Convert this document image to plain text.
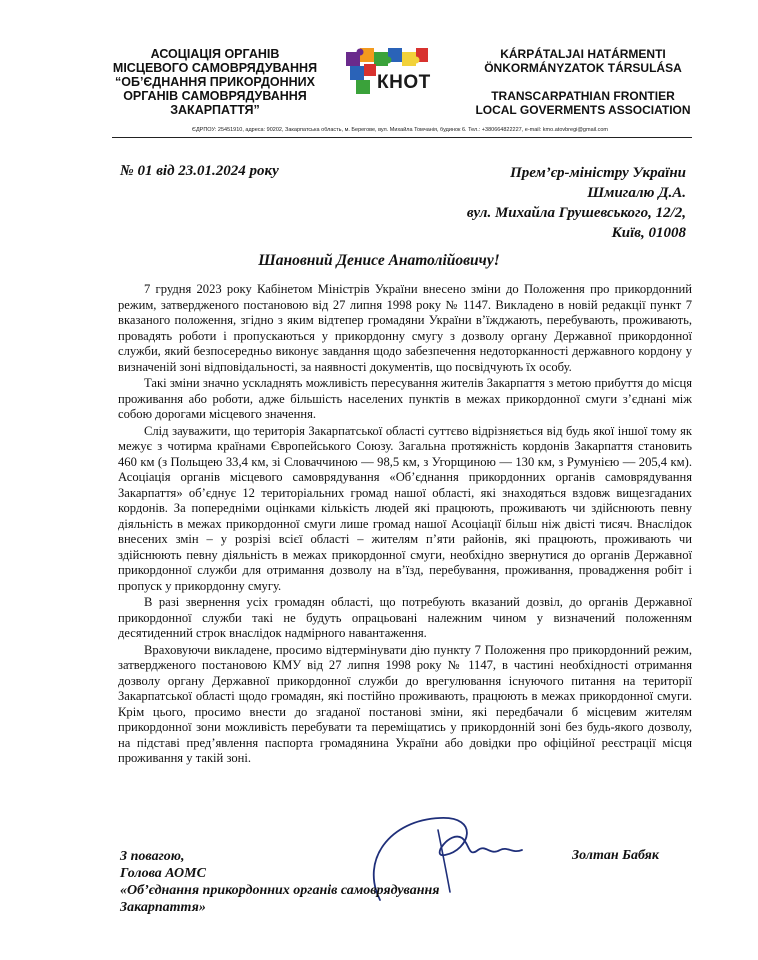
АСОЦІАЦІЯ ОРГАНІВ
МІСЦЕВОГО САМОВРЯДУВАННЯ
“ОБ’ЄДНАННЯ ПРИКОРДОННИХ
ОРГАНІВ САМОВРЯДУВАННЯ
ЗАКАРПАТТЯ”
КНОТ
KÁRPÁTALJAI HATÁRMENTI
ÖNKORMÁNYZATOK TÁRSULÁSA
TRANSCARPATHIAN FRONTIER
LOCAL GOVERMENTS ASSOCIATION
ЄДРПОУ: 25451910, адреса: 90202, Закарпатська область, м. Берегове, вул. Михайла Томчанія, будинок 6. Тел.: +380664822227, e-mail: kmo.atovbregi@gmail.com
№ 01 від 23.01.2024 року	Прем’єр-міністру України
Шмигалю Д.А.
вул. Михайла Грушевського, 12/2,
Київ, 01008
Шановний Денисе Анатолійовичу!

7 грудня 2023 року Кабінетом Міністрів України внесено зміни до Положення про прикордонний режим, затвердженого постановою від 27 липня 1998 року № 1147. Викладено в новій редакції пункт 7 вказаного положення, згідно з яким відтепер громадяни України в’їжджають, перебувають, проживають, провадять роботи і пропускаються у прикордонну смугу з дозволу органу Державної прикордонної служби, який безпосередньо виконує завдання щодо забезпечення недоторканності державного кордону у визначеній зоні відповідальності, за наявності документів, що посвідчують їх особу.

Такі зміни значно ускладнять можливість пересування жителів Закарпаття з метою прибуття до місця проживання або роботи, адже більшість населених пунктів в межах прикордонної смуги з’єднані між собою дорогами місцевого значення.

Слід зауважити, що територія Закарпатської області суттєво відрізняється від будь якої іншої тому як межує з чотирма країнами Європейського Союзу. Загальна протяжність кордонів Закарпаття становить 460 км (з Польщею 33,4 км, зі Словаччиною — 98,5 км, з Угорщиною — 130 км, з Румунією — 205,4 км). Асоціація органів місцевого самоврядування «Об’єднання прикордонних органів самоврядування Закарпаття» об’єднує 12 територіальних громад нашої області, які знаходяться вздовж вищезгаданих кордонів. За попередніми оцінками кількість людей які працюють, проживають чи здійснюють певну діяльність в межах прикордонної смуги лише громад нашої Асоціації більш ніж двісті тисяч. Внаслідок внесених змін – у розрізі всієї області – жителям п’яти районів, які працюють, проживають чи здійснюють певну діяльність в межах прикордонної смуги, необхідно звернутися до органів Державної прикордонної служби для отримання дозволу на в’їзд, перебування, проживання, провадження робіт і пропуск у прикордонну смугу.

В разі звернення усіх громадян області, що потребують вказаний дозвіл, до органів Державної прикордонної служби такі не будуть опрацьовані належним чином у визначений положенням десятиденний строк внаслідок надмірного навантаження.

Враховуючи викладене, просимо відтермінувати дію пункту 7 Положення про прикордонний режим, затвердженого постановою КМУ від 27 липня 1998 року № 1147, в частині необхідності отримання дозволу органу Державної прикордонної служби до врегулювання існуючого питання на території Закарпатської області щодо громадян, які постійно проживають, працюють в межах прикордонної смуги. Крім цього, просимо внести до згаданої постанові зміни, які передбачали б місцевим жителям прикордонної зони можливість перебувати та переміщатись у прикордонній зоні без будь-якого дозволу, на підставі пред’явлення паспорта громадянина України або довідки про офіційної реєстрації місця проживання у такій зоні.

З повагою,
Голова АОМС
«Об’єднання прикордонних органів самоврядування
Закарпаття»
Золтан Бабяк
